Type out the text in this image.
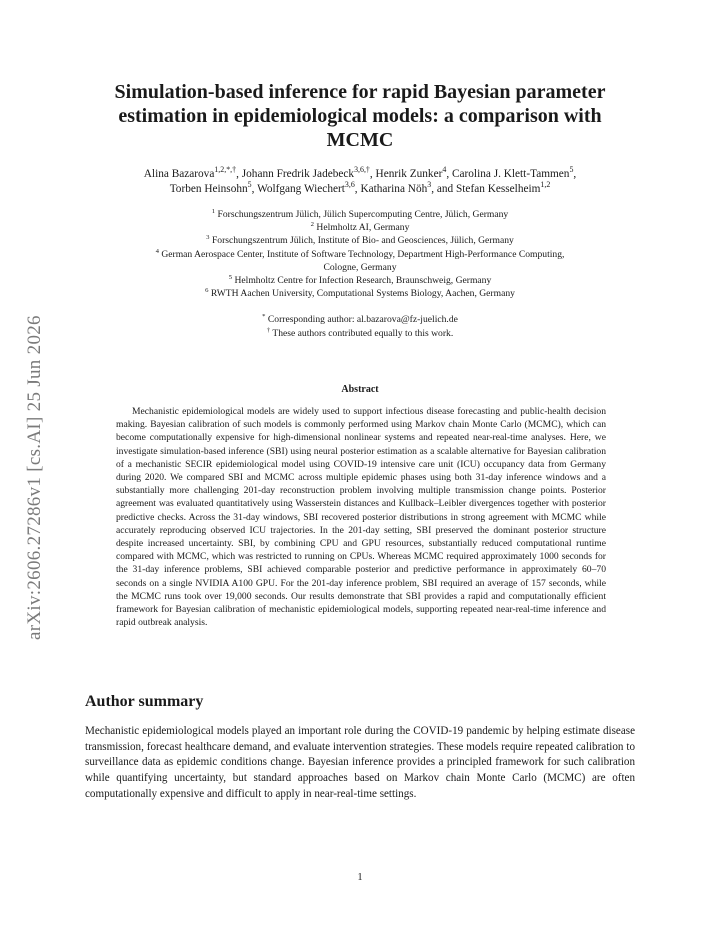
arXiv:2606.27286v1 [cs.AI] 25 Jun 2026
Simulation-based inference for rapid Bayesian parameter estimation in epidemiological models: a comparison with MCMC
Alina Bazarova$^{1,2,*,\dagger}$, Johann Fredrik Jadebeck$^{3,6,\dagger}$, Henrik Zunker$^4$, Carolina J. Klett-Tammen$^5$,
Torben Heinsohn$^5$, Wolfgang Wiechert$^{3,6}$, Katharina Nöh$^3$, and Stefan Kesselheim$^{1,2}$
$^1$ Forschungszentrum Jülich, Jülich Supercomputing Centre, Jülich, Germany
$^2$ Helmholtz AI, Germany
$^3$ Forschungszentrum Jülich, Institute of Bio- and Geosciences, Jülich, Germany
$^4$ German Aerospace Center, Institute of Software Technology, Department High-Performance Computing,
Cologne, Germany
$^5$ Helmholtz Centre for Infection Research, Braunschweig, Germany
$^6$ RWTH Aachen University, Computational Systems Biology, Aachen, Germany
* Corresponding author: al.bazarova@fz-juelich.de
† These authors contributed equally to this work.
Abstract
Mechanistic epidemiological models are widely used to support infectious disease forecasting and public-health decision making. Bayesian calibration of such models is commonly performed using Markov chain Monte Carlo (MCMC), which can become computationally expensive for high-dimensional nonlinear systems and repeated near-real-time analyses. Here, we investigate simulation-based inference (SBI) using neural posterior estimation as a scalable alternative for Bayesian calibration of a mechanistic SECIR epidemiological model using COVID-19 intensive care unit (ICU) occupancy data from Germany during 2020. We compared SBI and MCMC across multiple epidemic phases using both 31-day inference windows and a substantially more challenging 201-day reconstruction problem involving multiple transmission change points. Posterior agreement was evaluated quantitatively using Wasserstein distances and Kullback–Leibler divergences together with posterior predictive checks. Across the 31-day windows, SBI recovered posterior distributions in strong agreement with MCMC while accurately reproducing observed ICU trajectories. In the 201-day setting, SBI preserved the dominant posterior structure despite increased uncertainty. SBI, by combining CPU and GPU resources, substantially reduced computational runtime compared with MCMC, which was restricted to running on CPUs. Whereas MCMC required approximately 1000 seconds for the 31-day inference problems, SBI achieved comparable posterior and predictive performance in approximately 60–70 seconds on a single NVIDIA A100 GPU. For the 201-day inference problem, SBI required an average of 157 seconds, while the MCMC runs took over 19,000 seconds. Our results demonstrate that SBI provides a rapid and computationally efficient framework for Bayesian calibration of mechanistic epidemiological models, supporting repeated near-real-time inference and rapid outbreak analysis.
Author summary
Mechanistic epidemiological models played an important role during the COVID-19 pandemic by helping estimate disease transmission, forecast healthcare demand, and evaluate intervention strategies. These models require repeated calibration to surveillance data as epidemic conditions change. Bayesian inference provides a principled framework for such calibration while quantifying uncertainty, but standard approaches based on Markov chain Monte Carlo (MCMC) are often computationally expensive and difficult to apply in near-real-time settings.
1
